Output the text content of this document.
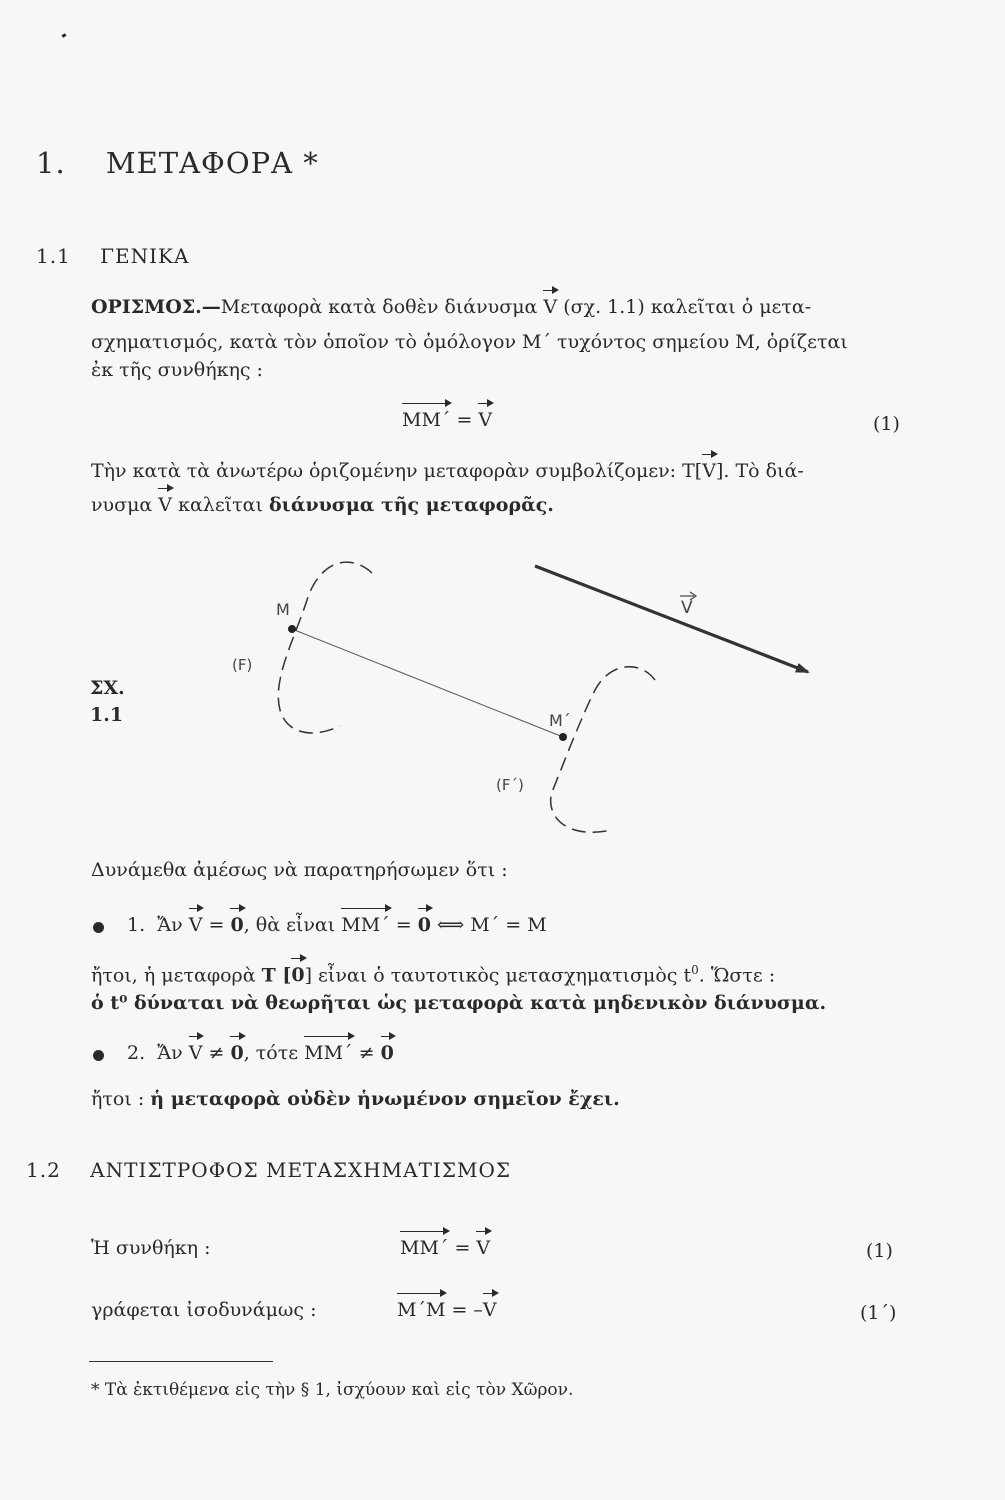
1. ΜΕΤΑΦΟΡΑ *
1.1 ΓΕΝΙΚΑ
ΟΡΙΣΜΟΣ.—Μεταφορὰ κατὰ δοθὲν διάνυσμα V (σχ. 1.1) καλεῖται ὁ μετα-
σχηματισμός, κατὰ τὸν ὁποῖον τὸ ὁμόλογον Μ΄ τυχόντος σημείου Μ, ὁρίζεται
ἐκ τῆς συνθήκης :
ΜΜ΄ = V	(1)
Τὴν κατὰ τὰ ἀνωτέρω ὁριζομένην μεταφορὰν συμβολίζομεν: T[V]. Τὸ διά-
νυσμα V καλεῖται διάνυσμα τῆς μεταφορᾶς.
ΣΧ.
1.1
Μ
Μ΄
(F)
(F΄)
V
Δυνάμεθα ἀμέσως νὰ παρατηρήσωμεν ὅτι :
1. Ἄν V = 0, θὰ εἶναι ΜΜ΄ = 0 ⟺ Μ΄ = Μ
ἤτοι, ἡ μεταφορὰ T [0] εἶναι ὁ ταυτοτικὸς μετασχηματισμὸς $t^0$. Ὥστε :
ὁ t⁰ δύναται νὰ θεωρῆται ὡς μεταφορὰ κατὰ μηδενικὸν διάνυσμα.
2. Ἄν V ≠ 0, τότε ΜΜ΄ ≠ 0
ἤτοι : ἡ μεταφορὰ οὐδὲν ἡνωμένον σημεῖον ἔχει.
1.2 ΑΝΤΙΣΤΡΟΦΟΣ ΜΕΤΑΣΧΗΜΑΤΙΣΜΟΣ
Ἡ συνθήκη :	ΜΜ΄ = V	(1)
γράφεται ἰσοδυνάμως :	Μ΄Μ = –V	(1΄)
* Τὰ ἐκτιθέμενα εἰς τὴν § 1, ἰσχύουν καὶ εἰς τὸν Χῶρον.
